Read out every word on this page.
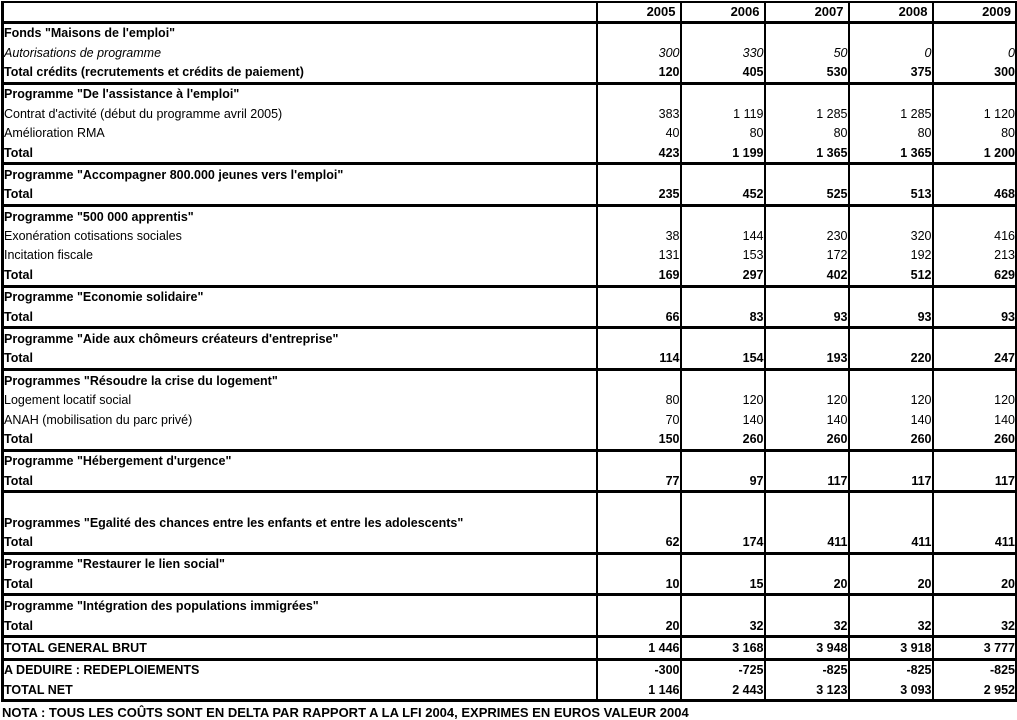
	2005	2006	2007	2008	2009
Fonds "Maisons de l'emploi"					
Autorisations de programme	300	330	50	0	0
Total crédits (recrutements et crédits de paiement)	120	405	530	375	300
Programme "De l'assistance à l'emploi"					
Contrat d'activité (début du programme avril 2005)	383	1 119	1 285	1 285	1 120
Amélioration RMA	40	80	80	80	80
Total	423	1 199	1 365	1 365	1 200
Programme "Accompagner 800.000 jeunes vers l'emploi"					
Total	235	452	525	513	468
Programme "500 000 apprentis"					
Exonération cotisations sociales	38	144	230	320	416
Incitation fiscale	131	153	172	192	213
Total	169	297	402	512	629
Programme "Economie solidaire"					
Total	66	83	93	93	93
Programme "Aide aux chômeurs créateurs d'entreprise"					
Total	114	154	193	220	247
Programmes "Résoudre la crise du logement"					
Logement locatif social	80	120	120	120	120
ANAH (mobilisation du parc privé)	70	140	140	140	140
Total	150	260	260	260	260
Programme "Hébergement d'urgence"					
Total	77	97	117	117	117

Programmes "Egalité des chances entre les enfants et entre les adolescents"					
Total	62	174	411	411	411
Programme "Restaurer le lien social"					
Total	10	15	20	20	20
Programme "Intégration des populations immigrées"					
Total	20	32	32	32	32
TOTAL GENERAL BRUT	1 446	3 168	3 948	3 918	3 777
A DEDUIRE : REDEPLOIEMENTS	-300	-725	-825	-825	-825
TOTAL NET	1 146	2 443	3 123	3 093	2 952
NOTA : TOUS LES COÛTS SONT EN DELTA PAR RAPPORT A LA LFI 2004, EXPRIMES EN EUROS VALEUR 2004
